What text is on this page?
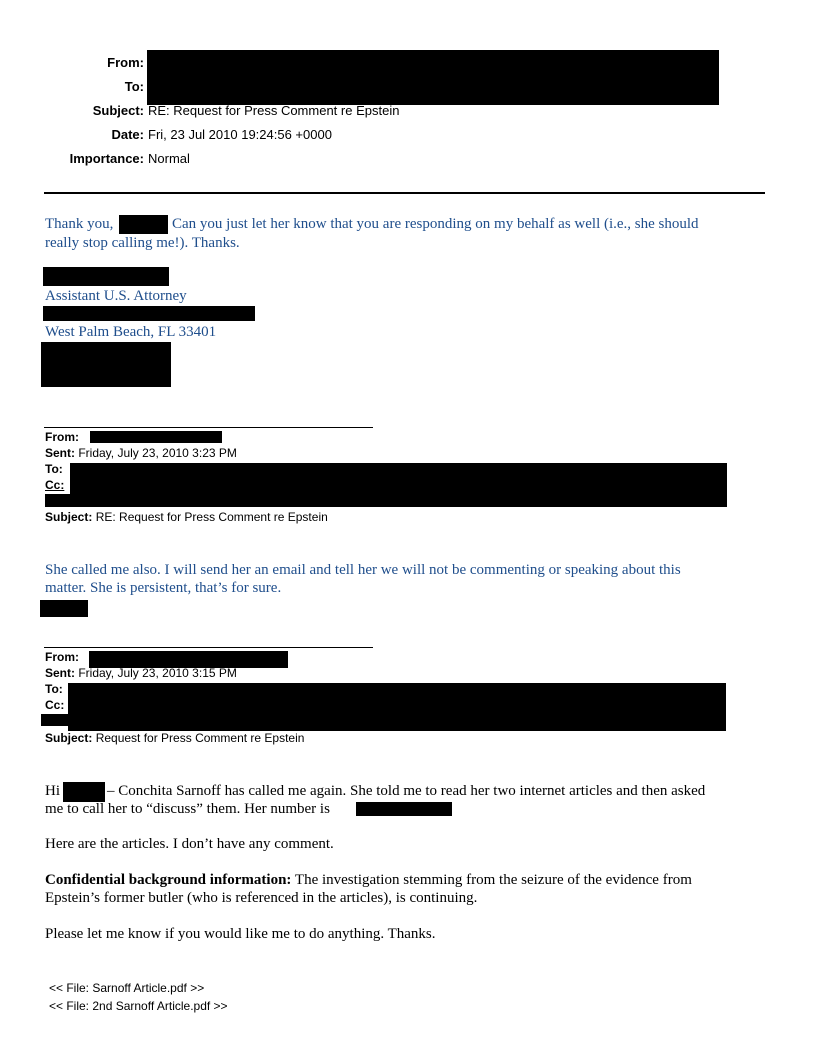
From:
To:
Subject: RE: Request for Press Comment re Epstein
Date: Fri, 23 Jul 2010 19:24:56 +0000
Importance: Normal
Thank you,	Can you just let her know that you are responding on my behalf as well (i.e., she should
really stop calling me!). Thanks.
Assistant U.S. Attorney
West Palm Beach, FL 33401
From:
Sent: Friday, July 23, 2010 3:23 PM
To:
Cc:
Subject: RE: Request for Press Comment re Epstein
She called me also. I will send her an email and tell her we will not be commenting or speaking about this
matter. She is persistent, that’s for sure.
From:
Sent: Friday, July 23, 2010 3:15 PM
To:
Cc:
Subject: Request for Press Comment re Epstein
Hi	– Conchita Sarnoff has called me again. She told me to read her two internet articles and then asked
me to call her to “discuss” them. Her number is
Here are the articles. I don’t have any comment.
Confidential background information: The investigation stemming from the seizure of the evidence from
Epstein’s former butler (who is referenced in the articles), is continuing.
Please let me know if you would like me to do anything. Thanks.
<< File: Sarnoff Article.pdf >>
<< File: 2nd Sarnoff Article.pdf >>
